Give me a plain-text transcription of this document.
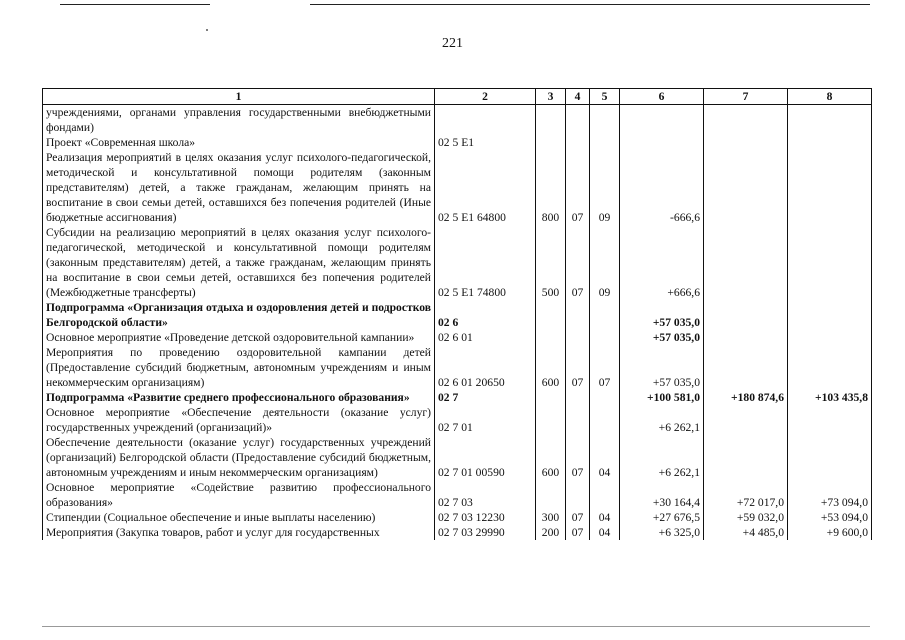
221
1	2	3	4	5	6	7	8
учреждениями, органами управления государственными внебюджетными фондами)							
Проект «Современная школа»	02 5 E1						
Реализация мероприятий в целях оказания услуг психолого-педагогической, методической и консультативной помощи родителям (законным представителям) детей, а также гражданам, желающим принять на воспитание в свои семьи детей, оставшихся без попечения родителей (Иные бюджетные ассигнования)	02 5 E1 64800	800	07	09	-666,6		
Субсидии на реализацию мероприятий в целях оказания услуг психолого-педагогической, методической и консультативной помощи родителям (законным представителям) детей, а также гражданам, желающим принять на воспитание в свои семьи детей, оставшихся без попечения родителей (Межбюджетные трансферты)	02 5 E1 74800	500	07	09	+666,6		
Подпрограмма «Организация отдыха и оздоровления детей и подростков Белгородской области»	02 6				+57 035,0		
Основное мероприятие «Проведение детской оздоровительной кампании»	02 6 01				+57 035,0		
Мероприятия по проведению оздоровительной кампании детей (Предоставление субсидий бюджетным, автономным учреждениям и иным некоммерческим организациям)	02 6 01 20650	600	07	07	+57 035,0		
Подпрограмма «Развитие среднего профессионального образования»	02 7				+100 581,0	+180 874,6	+103 435,8
Основное мероприятие «Обеспечение деятельности (оказание услуг) государственных учреждений (организаций)»	02 7 01				+6 262,1		
Обеспечение деятельности (оказание услуг) государственных учреждений (организаций) Белгородской области (Предоставление субсидий бюджетным, автономным учреждениям и иным некоммерческим организациям)	02 7 01 00590	600	07	04	+6 262,1		
Основное мероприятие «Содействие развитию профессионального образования»	02 7 03				+30 164,4	+72 017,0	+73 094,0
Стипендии (Социальное обеспечение и иные выплаты населению)	02 7 03 12230	300	07	04	+27 676,5	+59 032,0	+53 094,0
Мероприятия (Закупка товаров, работ и услуг для государственных	02 7 03 29990	200	07	04	+6 325,0	+4 485,0	+9 600,0
